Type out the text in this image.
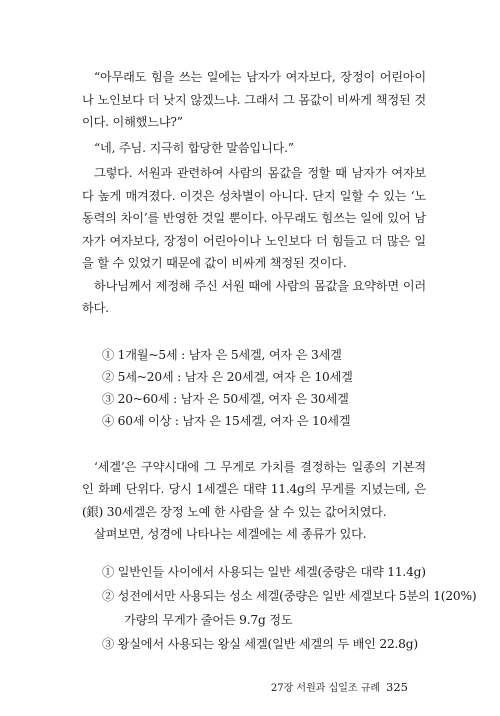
“아무래도 힘을 쓰는 일에는 남자가 여자보다, 장정이 어린아이나 노인보다 더 낫지 않겠느냐. 그래서 그 몸값이 비싸게 책정된 것이다. 이해했느냐?”

“네, 주님. 지극히 합당한 말씀입니다.”

그렇다. 서원과 관련하여 사람의 몸값을 정할 때 남자가 여자보다 높게 매겨졌다. 이것은 성차별이 아니다. 단지 일할 수 있는 ‘노동력의 차이’를 반영한 것일 뿐이다. 아무래도 힘쓰는 일에 있어 남자가 여자보다, 장정이 어린아이나 노인보다 더 힘들고 더 많은 일을 할 수 있었기 때문에 값이 비싸게 책정된 것이다.

하나님께서 제정해 주신 서원 때에 사람의 몸값을 요약하면 이러하다.

① 1개월~5세 : 남자 은 5세겔, 여자 은 3세겔
② 5세~20세 : 남자 은 20세겔, 여자 은 10세겔
③ 20~60세 : 남자 은 50세겔, 여자 은 30세겔
④ 60세 이상 : 남자 은 15세겔, 여자 은 10세겔

‘세겔’은 구약시대에 그 무게로 가치를 결정하는 일종의 기본적인 화폐 단위다. 당시 1세겔은 대략 11.4g의 무게를 지녔는데, 은(銀) 30세겔은 장정 노예 한 사람을 살 수 있는 값어치였다.

살펴보면, 성경에 나타나는 세겔에는 세 종류가 있다.

① 일반인들 사이에서 사용되는 일반 세겔(중량은 대략 11.4g)
② 성전에서만 사용되는 성소 세겔(중량은 일반 세겔보다 5분의 1(20%)
가량의 무게가 줄어든 9.7g 정도
③ 왕실에서 사용되는 왕실 세겔(일반 세겔의 두 배인 22.8g)
27장 서원과 십일조 규례 325
